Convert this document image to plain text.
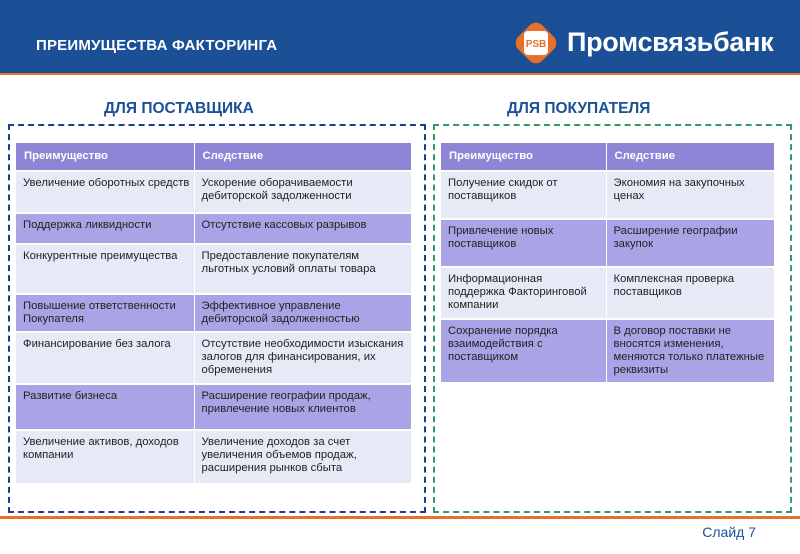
ПРЕИМУЩЕСТВА ФАКТОРИНГА	PSB Промсвязьбанк
ДЛЯ ПОСТАВЩИКА	ДЛЯ ПОКУПАТЕЛЯ
Преимущество	Следствие
Увеличение оборотных средств	Ускорение оборачиваемости дебиторской задолженности
Поддержка ликвидности	Отсутствие кассовых разрывов
Конкурентные преимущества	Предоставление покупателям льготных условий оплаты товара
Повышение ответственности Покупателя	Эффективное управление дебиторской задолженностью
Финансирование без залога	Отсутствие необходимости изыскания залогов для финансирования, их обременения
Развитие бизнеса	Расширение географии продаж, привлечение новых клиентов
Увеличение активов, доходов компании	Увеличение доходов за счет увеличения объемов продаж, расширения рынков сбыта
Преимущество	Следствие
Получение скидок от поставщиков	Экономия на закупочных ценах
Привлечение новых поставщиков	Расширение географии закупок
Информационная поддержка Факторинговой компании	Комплексная проверка поставщиков
Сохранение порядка взаимодействия с поставщиком	В договор поставки не вносятся изменения, меняются только платежные реквизиты
Слайд 7
